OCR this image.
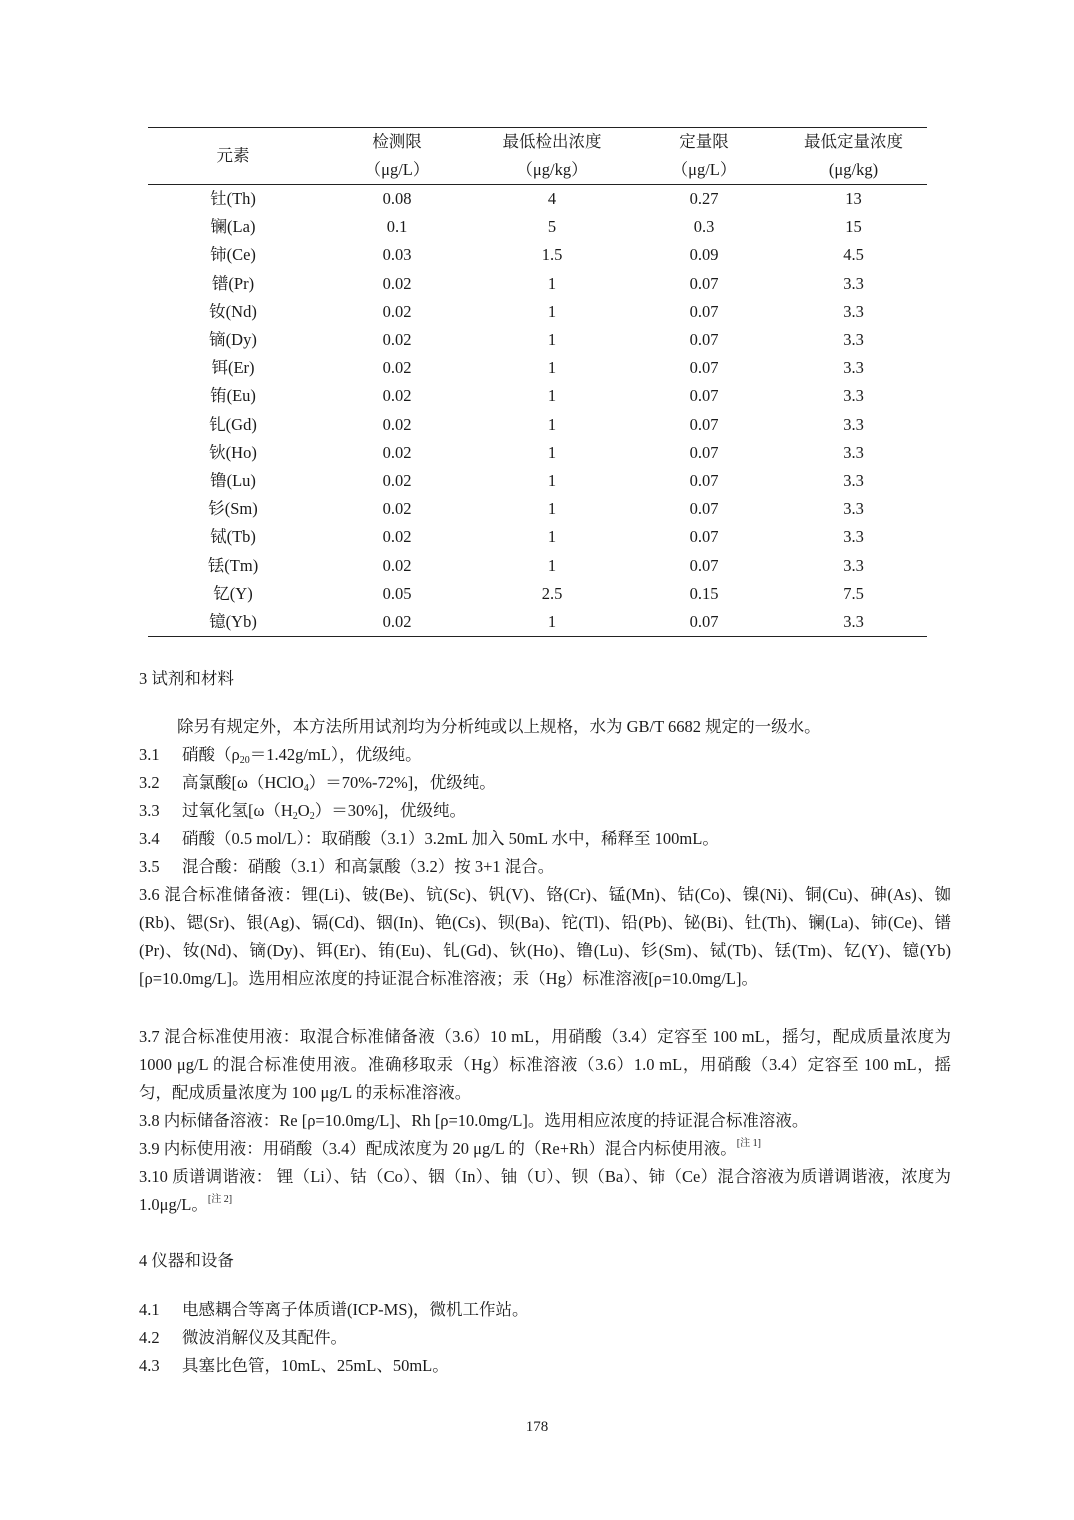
元素	检测限	最低检出浓度	定量限	最低定量浓度
	（μg/L）	（μg/kg）	（μg/L）	(μg/kg)
钍(Th)	0.08	4	0.27	13
镧(La)	0.1	5	0.3	15
铈(Ce)	0.03	1.5	0.09	4.5
镨(Pr)	0.02	1	0.07	3.3
钕(Nd)	0.02	1	0.07	3.3
镝(Dy)	0.02	1	0.07	3.3
铒(Er)	0.02	1	0.07	3.3
铕(Eu)	0.02	1	0.07	3.3
钆(Gd)	0.02	1	0.07	3.3
钬(Ho)	0.02	1	0.07	3.3
镥(Lu)	0.02	1	0.07	3.3
钐(Sm)	0.02	1	0.07	3.3
铽(Tb)	0.02	1	0.07	3.3
铥(Tm)	0.02	1	0.07	3.3
钇(Y)	0.05	2.5	0.15	7.5
镱(Yb)	0.02	1	0.07	3.3
3 试剂和材料
除另有规定外，本方法所用试剂均为分析纯或以上规格，水为 GB/T 6682 规定的一级水。
3.1 硝酸$(\rho_{20}=1.42g/mL)$，优级纯。
3.2 高氯酸[ω（HClO$_4$）＝70%-72%]，优级纯。
3.3 过氧化氢$[\omega(H_2O_2)=30\%]$，优级纯。
3.4 硝酸（0.5 mol/L）：取硝酸（3.1）3.2mL 加入 50mL 水中，稀释至 100mL。
3.5 混合酸：硝酸（3.1）和高氯酸（3.2）按 3+1 混合。
3.6 混合标准储备液：锂(Li)、铍(Be)、钪(Sc)、钒(V)、铬(Cr)、锰(Mn)、钴(Co)、镍(Ni)、铜(Cu)、砷(As)、铷(Rb)、锶(Sr)、银(Ag)、镉(Cd)、铟(In)、铯(Cs)、钡(Ba)、铊(Tl)、铅(Pb)、铋(Bi)、钍(Th)、镧(La)、铈(Ce)、镨(Pr)、钕(Nd)、镝(Dy)、铒(Er)、铕(Eu)、钆(Gd)、钬(Ho)、镥(Lu)、钐(Sm)、铽(Tb)、铥(Tm)、钇(Y)、镱(Yb) [ρ=10.0mg/L]。选用相应浓度的持证混合标准溶液；汞（Hg）标准溶液[ρ=10.0mg/L]。
3.7 混合标准使用液：取混合标准储备液（3.6）10 mL，用硝酸（3.4）定容至 100 mL，摇匀，配成质量浓度为 1000 μg/L 的混合标准使用液。准确移取汞（Hg）标准溶液（3.6）1.0 mL，用硝酸（3.4）定容至 100 mL，摇匀，配成质量浓度为 100 μg/L 的汞标准溶液。
3.8 内标储备溶液：Re [ρ=10.0mg/L]、Rh [ρ=10.0mg/L]。选用相应浓度的持证混合标准溶液。
3.9 内标使用液：用硝酸（3.4）配成浓度为 20 μg/L 的（Re+Rh）混合内标使用液。[注 1]
3.10 质谱调谐液： 锂（Li）、钴（Co）、铟（In）、铀（U）、钡（Ba）、铈（Ce）混合溶液为质谱调谐液，浓度为 1.0μg/L。[注 2]
4 仪器和设备
4.1 电感耦合等离子体质谱(ICP-MS)，微机工作站。
4.2 微波消解仪及其配件。
4.3 具塞比色管，10mL、25mL、50mL。
178
